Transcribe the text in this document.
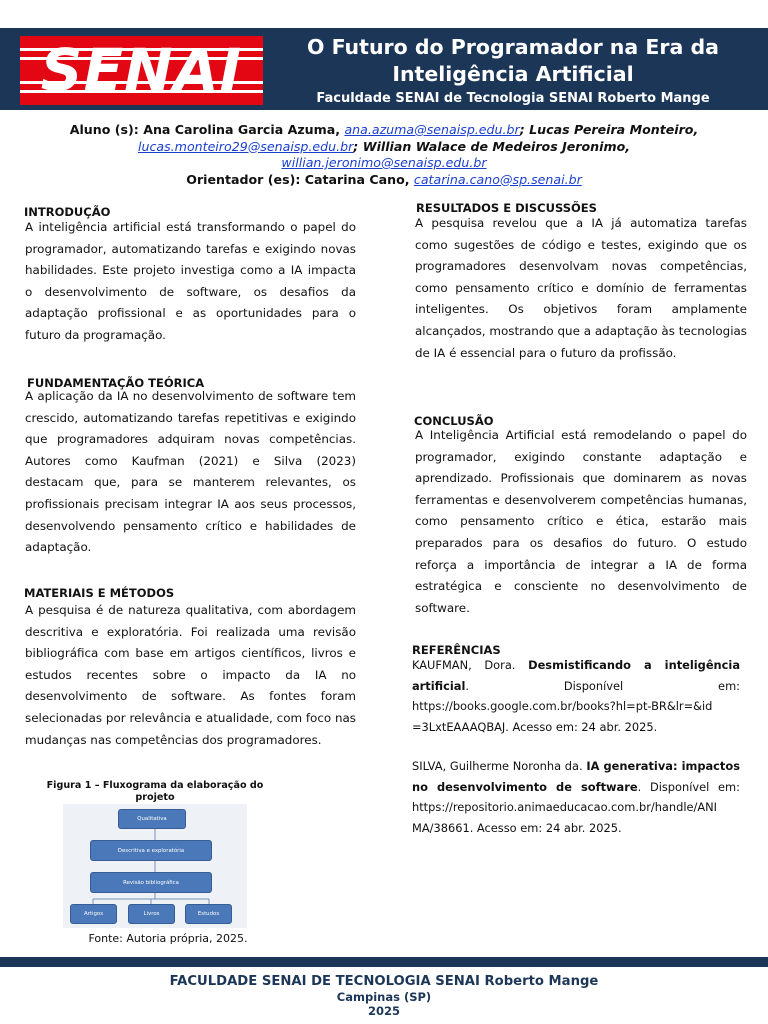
SENAI	O Futuro do Programador na Era da Inteligência Artificial
Faculdade SENAI de Tecnologia SENAI Roberto Mange
Aluno (s): Ana Carolina Garcia Azuma, ana.azuma@senaisp.edu.br; Lucas Pereira Monteiro,
lucas.monteiro29@senaisp.edu.br; Willian Walace de Medeiros Jeronimo,
willian.jeronimo@senaisp.edu.br
Orientador (es): Catarina Cano, catarina.cano@sp.senai.br
INTRODUÇÃO
A inteligência artificial está transformando o papel do programador, automatizando tarefas e exigindo novas habilidades. Este projeto investiga como a IA impacta o desenvolvimento de software, os desafios da adaptação profissional e as oportunidades para o futuro da programação.
FUNDAMENTAÇÃO TEÓRICA
A aplicação da IA no desenvolvimento de software tem crescido, automatizando tarefas repetitivas e exigindo que programadores adquiram novas competências. Autores como Kaufman (2021) e Silva (2023) destacam que, para se manterem relevantes, os profissionais precisam integrar IA aos seus processos, desenvolvendo pensamento crítico e habilidades de adaptação.
MATERIAIS E MÉTODOS
A pesquisa é de natureza qualitativa, com abordagem descritiva e exploratória. Foi realizada uma revisão bibliográfica com base em artigos científicos, livros e estudos recentes sobre o impacto da IA no desenvolvimento de software. As fontes foram selecionadas por relevância e atualidade, com foco nas mudanças nas competências dos programadores.
Figura 1 – Fluxograma da elaboração do projeto
Qualitativa
Descritiva e exploratória
Revisão bibliográfica
Artigos	Livros	Estudos
Fonte: Autoria própria, 2025.
RESULTADOS E DISCUSSÕES
A pesquisa revelou que a IA já automatiza tarefas como sugestões de código e testes, exigindo que os programadores desenvolvam novas competências, como pensamento crítico e domínio de ferramentas inteligentes. Os objetivos foram amplamente alcançados, mostrando que a adaptação às tecnologias de IA é essencial para o futuro da profissão.
CONCLUSÃO
A Inteligência Artificial está remodelando o papel do programador, exigindo constante adaptação e aprendizado. Profissionais que dominarem as novas ferramentas e desenvolverem competências humanas, como pensamento crítico e ética, estarão mais preparados para os desafios do futuro. O estudo reforça a importância de integrar a IA de forma estratégica e consciente no desenvolvimento de software.
REFERÊNCIAS
KAUFMAN, Dora. Desmistificando a inteligência artificial. Disponível em: https://books.google.com.br/books?hl=pt-BR&lr=&id =3LxtEAAAQBAJ. Acesso em: 24 abr. 2025.
SILVA, Guilherme Noronha da. IA generativa: impactos no desenvolvimento de software. Disponível em: https://repositorio.animaeducacao.com.br/handle/ANI MA/38661. Acesso em: 24 abr. 2025.
FACULDADE SENAI DE TECNOLOGIA SENAI Roberto Mange
Campinas (SP)
2025
